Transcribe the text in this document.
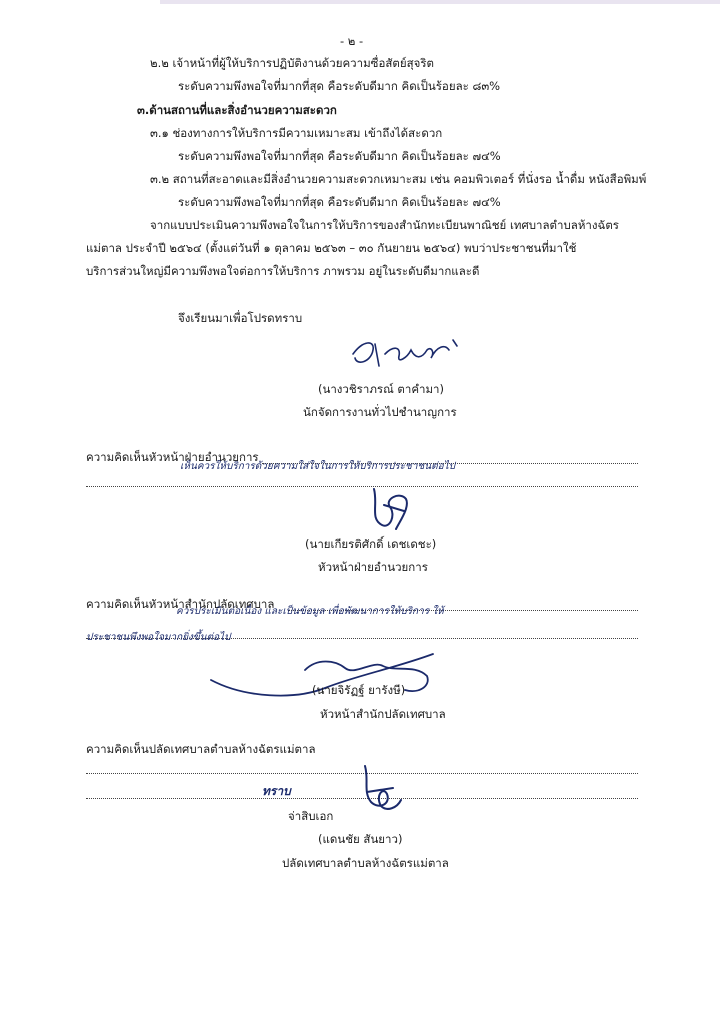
- ๒ -
๒.๒ เจ้าหน้าที่ผู้ให้บริการปฏิบัติงานด้วยความซื่อสัตย์สุจริต
ระดับความพึงพอใจที่มากที่สุด คือระดับดีมาก คิดเป็นร้อยละ ๘๓%
๓.ด้านสถานที่และสิ่งอำนวยความสะดวก
๓.๑ ช่องทางการให้บริการมีความเหมาะสม เข้าถึงได้สะดวก
ระดับความพึงพอใจที่มากที่สุด คือระดับดีมาก คิดเป็นร้อยละ ๗๔%
๓.๒ สถานที่สะอาดและมีสิ่งอำนวยความสะดวกเหมาะสม เช่น คอมพิวเตอร์ ที่นั่งรอ น้ำดื่ม หนังสือพิมพ์
ระดับความพึงพอใจที่มากที่สุด คือระดับดีมาก คิดเป็นร้อยละ ๗๔%
จากแบบประเมินความพึงพอใจในการให้บริการของสำนักทะเบียนพาณิชย์ เทศบาลตำบลห้างฉัตร
แม่ตาล ประจำปี ๒๕๖๔ (ตั้งแต่วันที่ ๑ ตุลาคม ๒๕๖๓ – ๓๐ กันยายน ๒๕๖๔) พบว่าประชาชนที่มาใช้
บริการส่วนใหญ่มีความพึงพอใจต่อการให้บริการ ภาพรวม อยู่ในระดับดีมากและดี
จึงเรียนมาเพื่อโปรดทราบ
(นางวชิราภรณ์ ตาคำมา)
นักจัดการงานทั่วไปชำนาญการ
ความคิดเห็นหัวหน้าฝ่ายอำนวยการ
เห็นควรให้บริการด้วยความใส่ใจในการให้บริการประชาชนต่อไป
(นายเกียรติศักดิ์ เดชเดชะ)
หัวหน้าฝ่ายอำนวยการ
ความคิดเห็นหัวหน้าสำนักปลัดเทศบาล
ควรประเมินต่อเนื่อง และเป็นข้อมูล เพื่อพัฒนาการให้บริการ ให้
ประชาชนพึงพอใจมากยิ่งขึ้นต่อไป
(นายจิรัฏฐ์ ยารังษี)
หัวหน้าสำนักปลัดเทศบาล
ความคิดเห็นปลัดเทศบาลตำบลห้างฉัตรแม่ตาล
ทราบ
จ่าสิบเอก
(แดนชัย สันยาว)
ปลัดเทศบาลตำบลห้างฉัตรแม่ตาล
